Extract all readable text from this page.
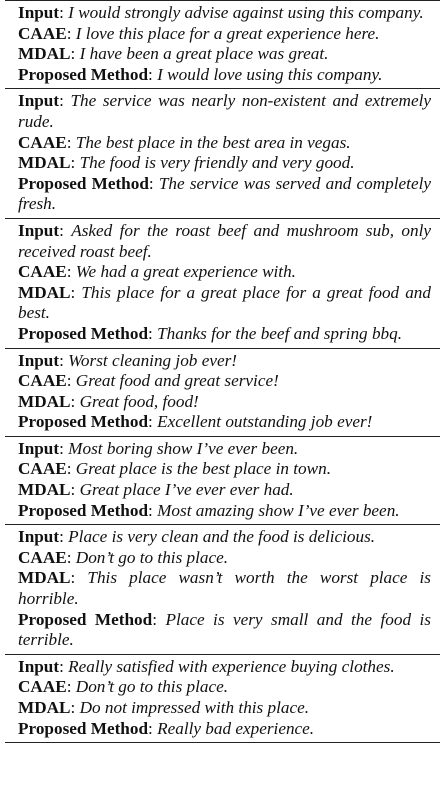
Input: I would strongly advise against using this company.

CAAE: I love this place for a great experience here.

MDAL: I have been a great place was great.

Proposed Method: I would love using this company.

Input: The service was nearly non-existent and extremely rude.

CAAE: The best place in the best area in vegas.

MDAL: The food is very friendly and very good.

Proposed Method: The service was served and completely fresh.

Input: Asked for the roast beef and mushroom sub, only received roast beef.

CAAE: We had a great experience with.

MDAL: This place for a great place for a great food and best.

Proposed Method: Thanks for the beef and spring bbq.

Input: Worst cleaning job ever!

CAAE: Great food and great service!

MDAL: Great food, food!

Proposed Method: Excellent outstanding job ever!

Input: Most boring show I’ve ever been.

CAAE: Great place is the best place in town.

MDAL: Great place I’ve ever ever had.

Proposed Method: Most amazing show I’ve ever been.

Input: Place is very clean and the food is delicious.

CAAE: Don’t go to this place.

MDAL: This place wasn’t worth the worst place is horrible.

Proposed Method: Place is very small and the food is terrible.

Input: Really satisfied with experience buying clothes.

CAAE: Don’t go to this place.

MDAL: Do not impressed with this place.

Proposed Method: Really bad experience.
